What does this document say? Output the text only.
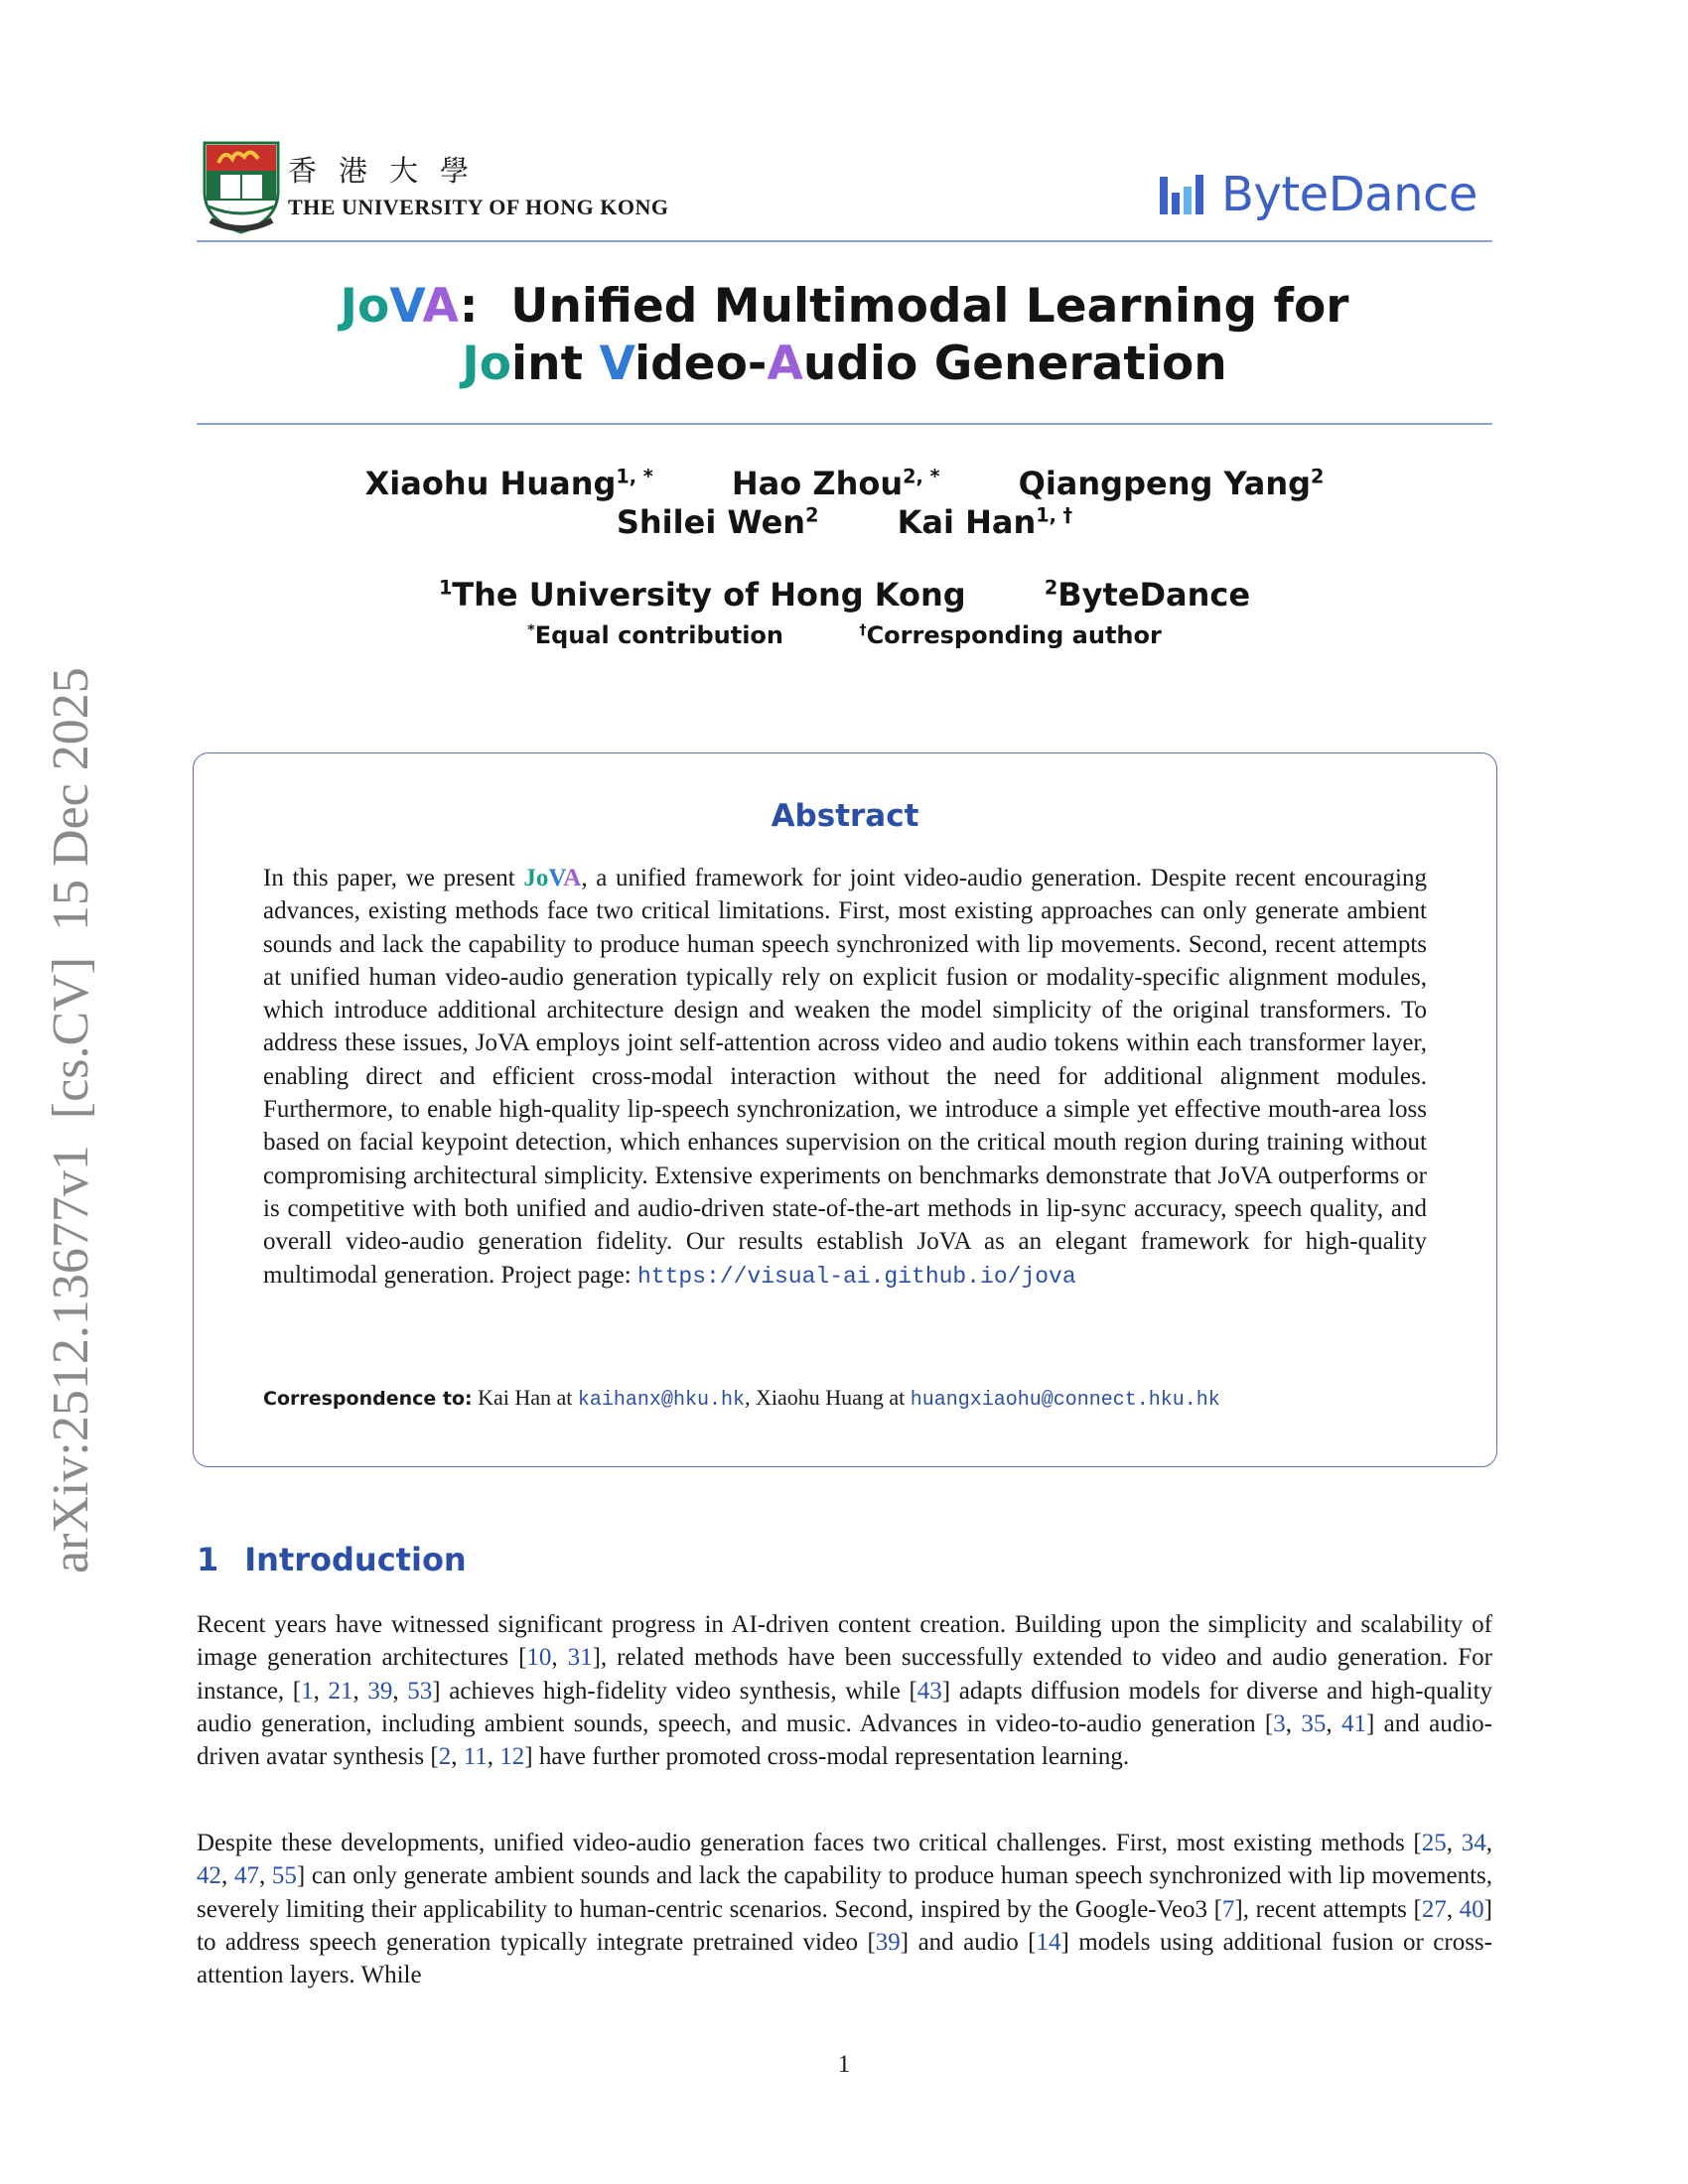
香港大學
THE UNIVERSITY OF HONG KONG	ByteDance
JoVA:  Unified Multimodal Learning for
Joint Video-Audio Generation
Xiaohu Huang$^{1, *}$ Hao Zhou$^{2, *}$ Qiangpeng Yang$^2$
Shilei Wen$^2$ Kai Han$^{1, \dagger}$
$^1$The University of Hong Kong	$^2$ByteDance
*Equal contribution	†Corresponding author
Abstract
In this paper, we present JoVA, a unified framework for joint video-audio generation. Despite recent encouraging advances, existing methods face two critical limitations. First, most existing approaches can only generate ambient sounds and lack the capability to produce human speech synchronized with lip movements. Second, recent attempts at unified human video-audio generation typically rely on explicit fusion or modality-specific alignment modules, which introduce additional architecture design and weaken the model simplicity of the original transformers. To address these issues, JoVA employs joint self-attention across video and audio tokens within each transformer layer, enabling direct and efficient cross-modal interaction without the need for additional alignment modules. Furthermore, to enable high-quality lip-speech synchronization, we introduce a simple yet effective mouth-area loss based on facial keypoint detection, which enhances supervision on the critical mouth region during training without compromising architectural simplicity. Extensive experiments on benchmarks demonstrate that JoVA outperforms or is competitive with both unified and audio-driven state-of-the-art methods in lip-sync accuracy, speech quality, and overall video-audio generation fidelity. Our results establish JoVA as an elegant framework for high-quality multimodal generation. Project page: https://visual-ai.github.io/jova
Correspondence to: Kai Han at kaihanx@hku.hk, Xiaohu Huang at huangxiaohu@connect.hku.hk
1 Introduction
Recent years have witnessed significant progress in AI-driven content creation. Building upon the simplicity and scalability of image generation architectures [10, 31], related methods have been successfully extended to video and audio generation. For instance, [1, 21, 39, 53] achieves high-fidelity video synthesis, while [43] adapts diffusion models for diverse and high-quality audio generation, including ambient sounds, speech, and music. Advances in video-to-audio generation [3, 35, 41] and audio-driven avatar synthesis [2, 11, 12] have further promoted cross-modal representation learning.
Despite these developments, unified video-audio generation faces two critical challenges. First, most existing methods [25, 34, 42, 47, 55] can only generate ambient sounds and lack the capability to produce human speech synchronized with lip movements, severely limiting their applicability to human-centric scenarios. Second, inspired by the Google-Veo3 [7], recent attempts [27, 40] to address speech generation typically integrate pretrained video [39] and audio [14] models using additional fusion or cross-attention layers. While
1
arXiv:2512.13677v1  [cs.CV]  15 Dec 2025
